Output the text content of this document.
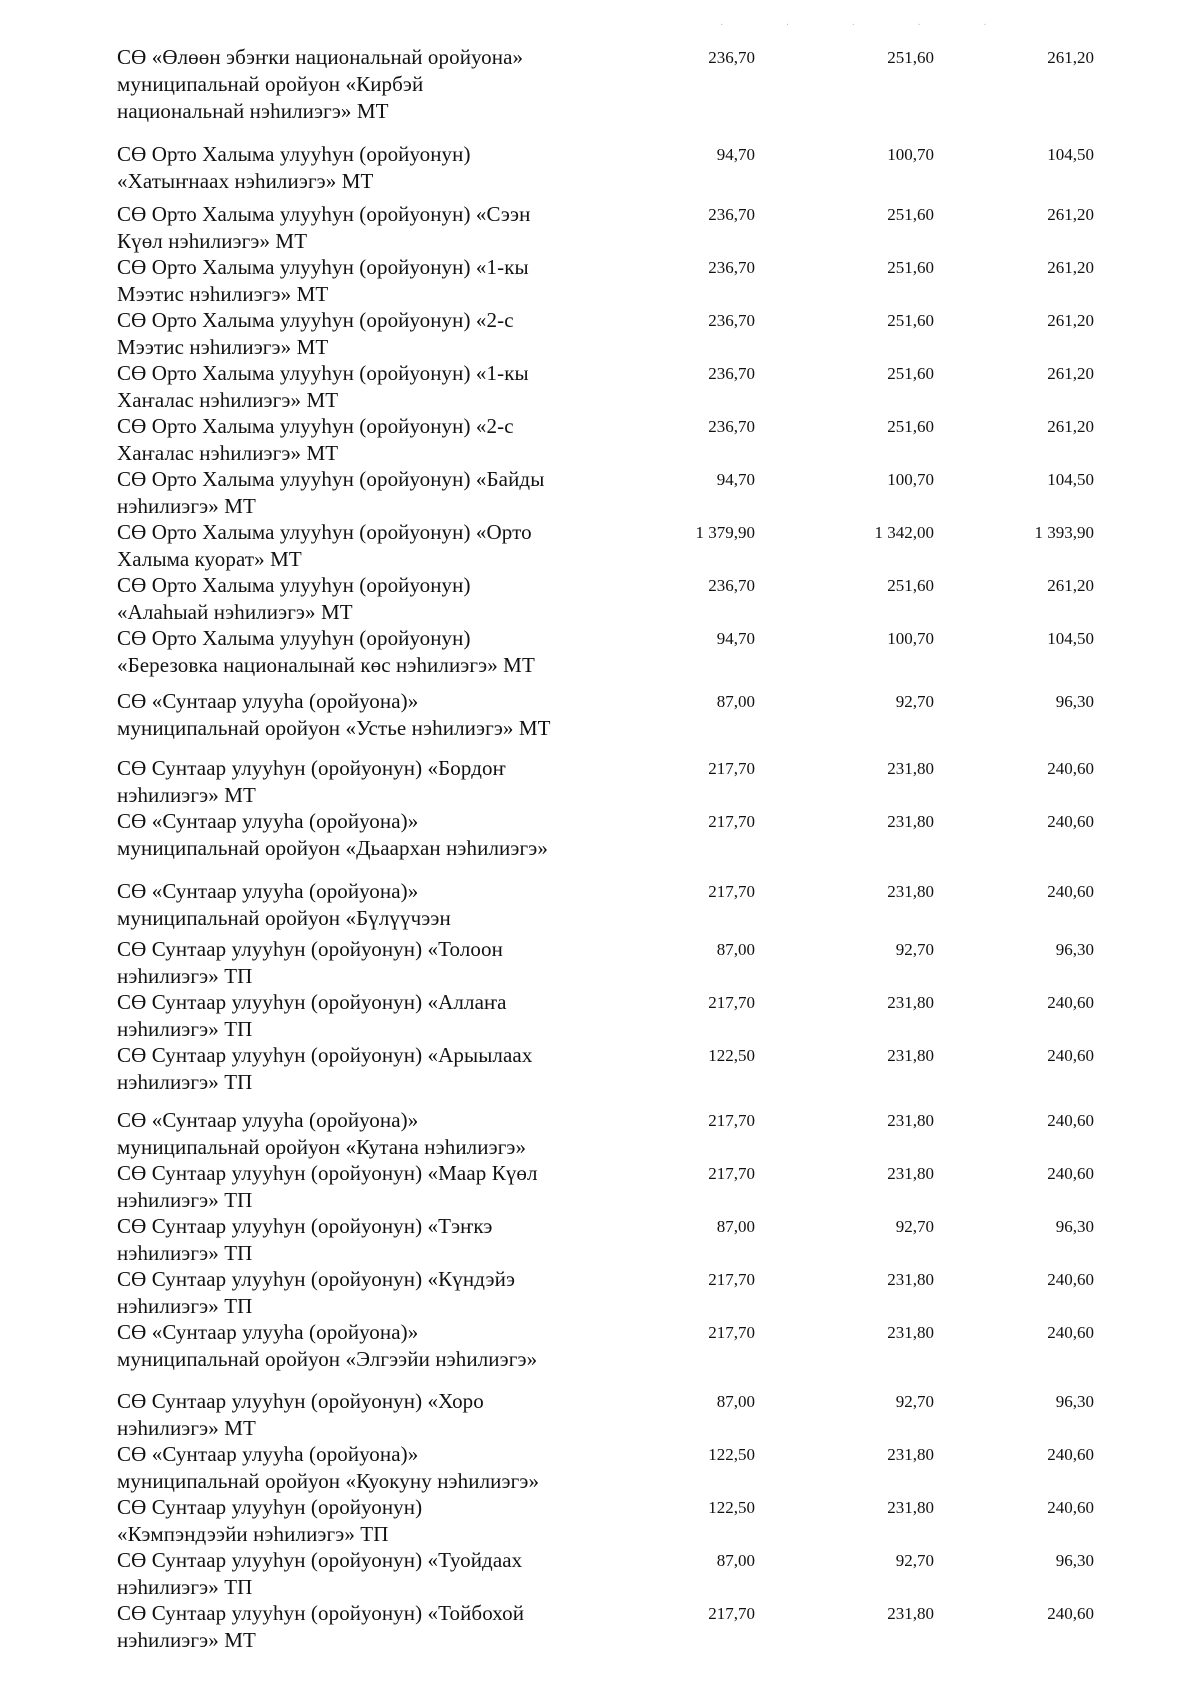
· · · · ·
СӨ «Өлөөн эбэҥки национальнай оройуона»
муниципальнай оройуон «Кирбэй
национальнай нэһилиэгэ» МТ
236,70	251,60	261,20
СӨ Орто Халыма улууһун (оройуонун)
«Хатыҥнаах нэһилиэгэ» МТ
94,70	100,70	104,50
СӨ Орто Халыма улууһун (оройуонун) «Сээн
Күөл нэһилиэгэ» МТ
236,70	251,60	261,20
СӨ Орто Халыма улууһун (оройуонун) «1-кы
Мээтис нэһилиэгэ» МТ
236,70	251,60	261,20
СӨ Орто Халыма улууһун (оройуонун) «2-с
Мээтис нэһилиэгэ» МТ
236,70	251,60	261,20
СӨ Орто Халыма улууһун (оройуонун) «1-кы
Хаҥалас нэһилиэгэ» МТ
236,70	251,60	261,20
СӨ Орто Халыма улууһун (оройуонун) «2-с
Хаҥалас нэһилиэгэ» МТ
236,70	251,60	261,20
СӨ Орто Халыма улууһун (оройуонун) «Байды
нэһилиэгэ» МТ
94,70	100,70	104,50
СӨ Орто Халыма улууһун (оройуонун) «Орто
Халыма куорат» МТ
1 379,90	1 342,00	1 393,90
СӨ Орто Халыма улууһун (оройуонун)
«Алаһыай нэһилиэгэ» МТ
236,70	251,60	261,20
СӨ Орто Халыма улууһун (оройуонун)
«Березовка националынай көс нэһилиэгэ» МТ
94,70	100,70	104,50
СӨ «Сунтаар улууһа (оройуона)»
муниципальнай оройуон «Устье нэһилиэгэ» МТ
87,00	92,70	96,30
СӨ Сунтаар улууһун (оройуонун) «Бордоҥ
нэһилиэгэ» МТ
217,70	231,80	240,60
СӨ «Сунтаар улууһа (оройуона)»
муниципальнай оройуон «Дьаархан нэһилиэгэ»
217,70	231,80	240,60
СӨ «Сунтаар улууһа (оройуона)»
муниципальнай оройуон «Бүлүүчээн
217,70	231,80	240,60
СӨ Сунтаар улууһун (оройуонун) «Толоон
нэһилиэгэ» ТП
87,00	92,70	96,30
СӨ Сунтаар улууһун (оройуонун) «Аллаҥа
нэһилиэгэ» ТП
217,70	231,80	240,60
СӨ Сунтаар улууһун (оройуонун) «Арыылаах
нэһилиэгэ» ТП
122,50	231,80	240,60
СӨ «Сунтаар улууһа (оройуона)»
муниципальнай оройуон «Кутана нэһилиэгэ»
217,70	231,80	240,60
СӨ Сунтаар улууһун (оройуонун) «Маар Күөл
нэһилиэгэ» ТП
217,70	231,80	240,60
СӨ Сунтаар улууһун (оройуонун) «Тэҥкэ
нэһилиэгэ» ТП
87,00	92,70	96,30
СӨ Сунтаар улууһун (оройуонун) «Күндэйэ
нэһилиэгэ» ТП
217,70	231,80	240,60
СӨ «Сунтаар улууһа (оройуона)»
муниципальнай оройуон «Элгээйи нэһилиэгэ»
217,70	231,80	240,60
СӨ Сунтаар улууһун (оройуонун) «Хоро
нэһилиэгэ» МТ
87,00	92,70	96,30
СӨ «Сунтаар улууһа (оройуона)»
муниципальнай оройуон «Куокуну нэһилиэгэ»
122,50	231,80	240,60
СӨ Сунтаар улууһун (оройуонун)
«Кэмпэндээйи нэһилиэгэ» ТП
122,50	231,80	240,60
СӨ Сунтаар улууһун (оройуонун) «Туойдаах
нэһилиэгэ» ТП
87,00	92,70	96,30
СӨ Сунтаар улууһун (оройуонун) «Тойбохой
нэһилиэгэ» МТ
217,70	231,80	240,60
